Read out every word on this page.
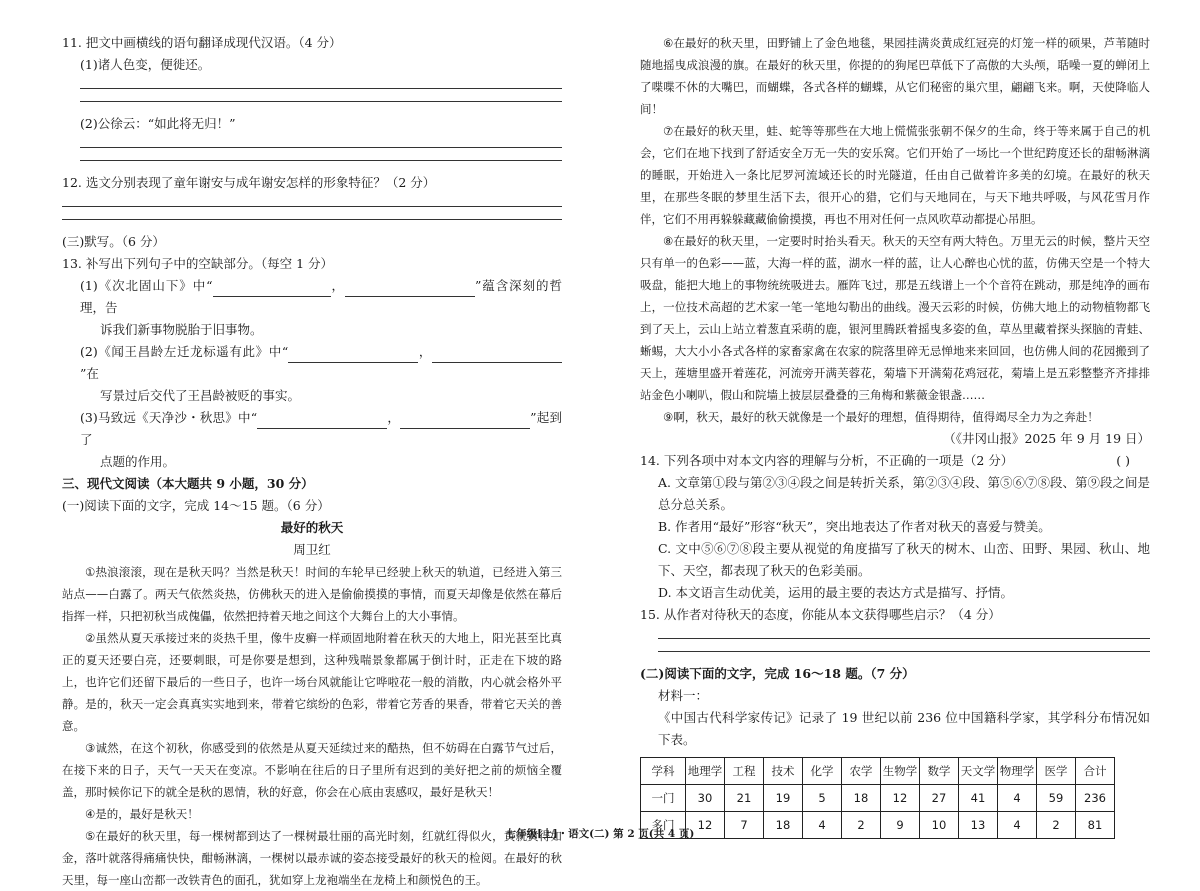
11. 把文中画横线的语句翻译成现代汉语。（4 分）

(1)诸人色变，便徙还。

(2)公徐云：“如此将无归！”

12. 选文分别表现了童年谢安与成年谢安怎样的形象特征？（2 分）

(三)默写。（6 分）

13. 补写出下列句子中的空缺部分。（每空 1 分）

(1)《次北固山下》中“	，	”蕴含深刻的哲理，告

诉我们新事物脱胎于旧事物。

(2)《闻王昌龄左迁龙标遥有此》中“	，”在

写景过后交代了王昌龄被贬的事实。

(3)马致远《天净沙・秋思》中“	，	”起到了

点题的作用。

三、现代文阅读（本大题共 9 小题，30 分）

(一)阅读下面的文字，完成 14～15 题。（6 分）

最好的秋天

周卫红

①热浪滚滚，现在是秋天吗？当然是秋天！时间的车轮早已经驶上秋天的轨道，已经进入第三站点——白露了。两天气依然炎热，仿佛秋天的进入是偷偷摸摸的事情，而夏天却像是依然在幕后指挥一样，只把初秋当成傀儡，依然把持着天地之间这个大舞台上的大小事情。

②虽然从夏天承接过来的炎热千里，像牛皮癣一样顽固地附着在秋天的大地上，阳光甚至比真正的夏天还要白亮，还要刺眼，可是你要是想到，这种残喘景象都属于倒计时，正走在下坡的路上，也许它们还留下最后的一些日子，也许一场台风就能让它哗啦花一般的消散，内心就会格外平静。是的，秋天一定会真真实实地到来，带着它缤纷的色彩，带着它芳香的果香，带着它天关的善意。

③诚然，在这个初秋，你感受到的依然是从夏天延续过来的酷热，但不妨碍在白露节气过后，在接下来的日子，天气一天天在变凉。不影响在往后的日子里所有迟到的美好把之前的烦恼全覆盖，那时候你记下的就全是秋的恩情，秋的好意，你会在心底由衷感叹，最好是秋天！

④是的，最好是秋天！

⑤在最好的秋天里，每一棵树都到达了一棵树最壮丽的高光时刻，红就红得似火，黄就黄得如金，落叶就落得痛痛快快，酣畅淋漓，一棵树以最赤诚的姿态接受最好的秋天的检阅。在最好的秋天里，每一座山峦都一改铁青色的面孔，犹如穿上龙袍端坐在龙椅上和颜悦色的王。

⑥在最好的秋天里，田野铺上了金色地毯，果园挂满炎黄成红冠亮的灯笼一样的硕果，芦苇随时随地摇曳成浪漫的旗。在最好的秋天里，你提的的狗尾巴草低下了高傲的大头颅，聒噪一夏的蝉闭上了喋喋不休的大嘴巴，而蝴蝶，各式各样的蝴蝶，从它们秘密的巢穴里，翩翩飞来。啊，天使降临人间！

⑦在最好的秋天里，蛙、蛇等等那些在大地上慌慌张张朝不保夕的生命，终于等来属于自己的机会，它们在地下找到了舒适安全万无一失的安乐窝。它们开始了一场比一个世纪跨度还长的甜畅淋漓的睡眠，开始进入一条比尼罗河流域还长的时光隧道，任由自己做着许多美的幻境。在最好的秋天里，在那些冬眠的梦里生活下去，很开心的猎，它们与天地同在，与天下地共呼吸，与风花雪月作伴，它们不用再躲躲藏藏偷偷摸摸，再也不用对任何一点风吹草动都提心吊胆。

⑧在最好的秋天里，一定要时时抬头看天。秋天的天空有两大特色。万里无云的时候，整片天空只有单一的色彩——蓝，大海一样的蓝，湖水一样的蓝，让人心醉也心忧的蓝，仿佛天空是一个特大吸盘，能把大地上的事物统统吸进去。雁阵飞过，那是五线谱上一个个音符在跳动，那是纯净的画布上，一位技术高超的艺术家一笔一笔地勾勒出的曲线。漫天云彩的时候，仿佛大地上的动物植物都飞到了天上，云山上站立着葱直采萌的鹿，银河里腾跃着摇曳多姿的鱼，草丛里藏着探头探脑的青蛙、蜥蜴，大大小小各式各样的家畜家禽在农家的院落里碎无忌惮地来来回回，也仿佛人间的花园搬到了天上，莲塘里盛开着莲花，河流旁开满芙蓉花，菊墙下开满菊花鸡冠花，菊墙上是五彩整整齐齐排排站金色小喇叭，假山和院墙上披层层叠叠的三角梅和紫薇金银盏……

⑨啊，秋天，最好的秋天就像是一个最好的理想，值得期待，值得竭尽全力为之奔赴！

（《井冈山报》2025 年 9 月 19 日）

14. 下列各项中对本文内容的理解与分析，不正确的一项是（2 分）	( )

A. 文章第①段与第②③④段之间是转折关系，第②③④段、第⑤⑥⑦⑧段、第⑨段之间是总分总关系。

B. 作者用“最好”形容“秋天”，突出地表达了作者对秋天的喜爱与赞美。

C. 文中⑤⑥⑦⑧段主要从视觉的角度描写了秋天的树木、山峦、田野、果园、秋山、地下、天空，都表现了秋天的色彩美丽。

D. 本文语言生动优美，运用的最主要的表达方式是描写、抒情。

15. 从作者对待秋天的态度，你能从本文获得哪些启示？（4 分）

(二)阅读下面的文字，完成 16～18 题。（7 分）

材料一：

《中国古代科学家传记》记录了 19 世纪以前 236 位中国籍科学家，其学科分布情况如下表。

学科	地理学	工程	技术	化学	农学	生物学	数学	天文学	物理学	医学	合计
一门	30	21	19	5	18	12	27	41	4	59	236
多门	12	7	18	4	2	9	10	13	4	2	81
七年级[上]・语文(二) 第 2 页(共 4 页)
